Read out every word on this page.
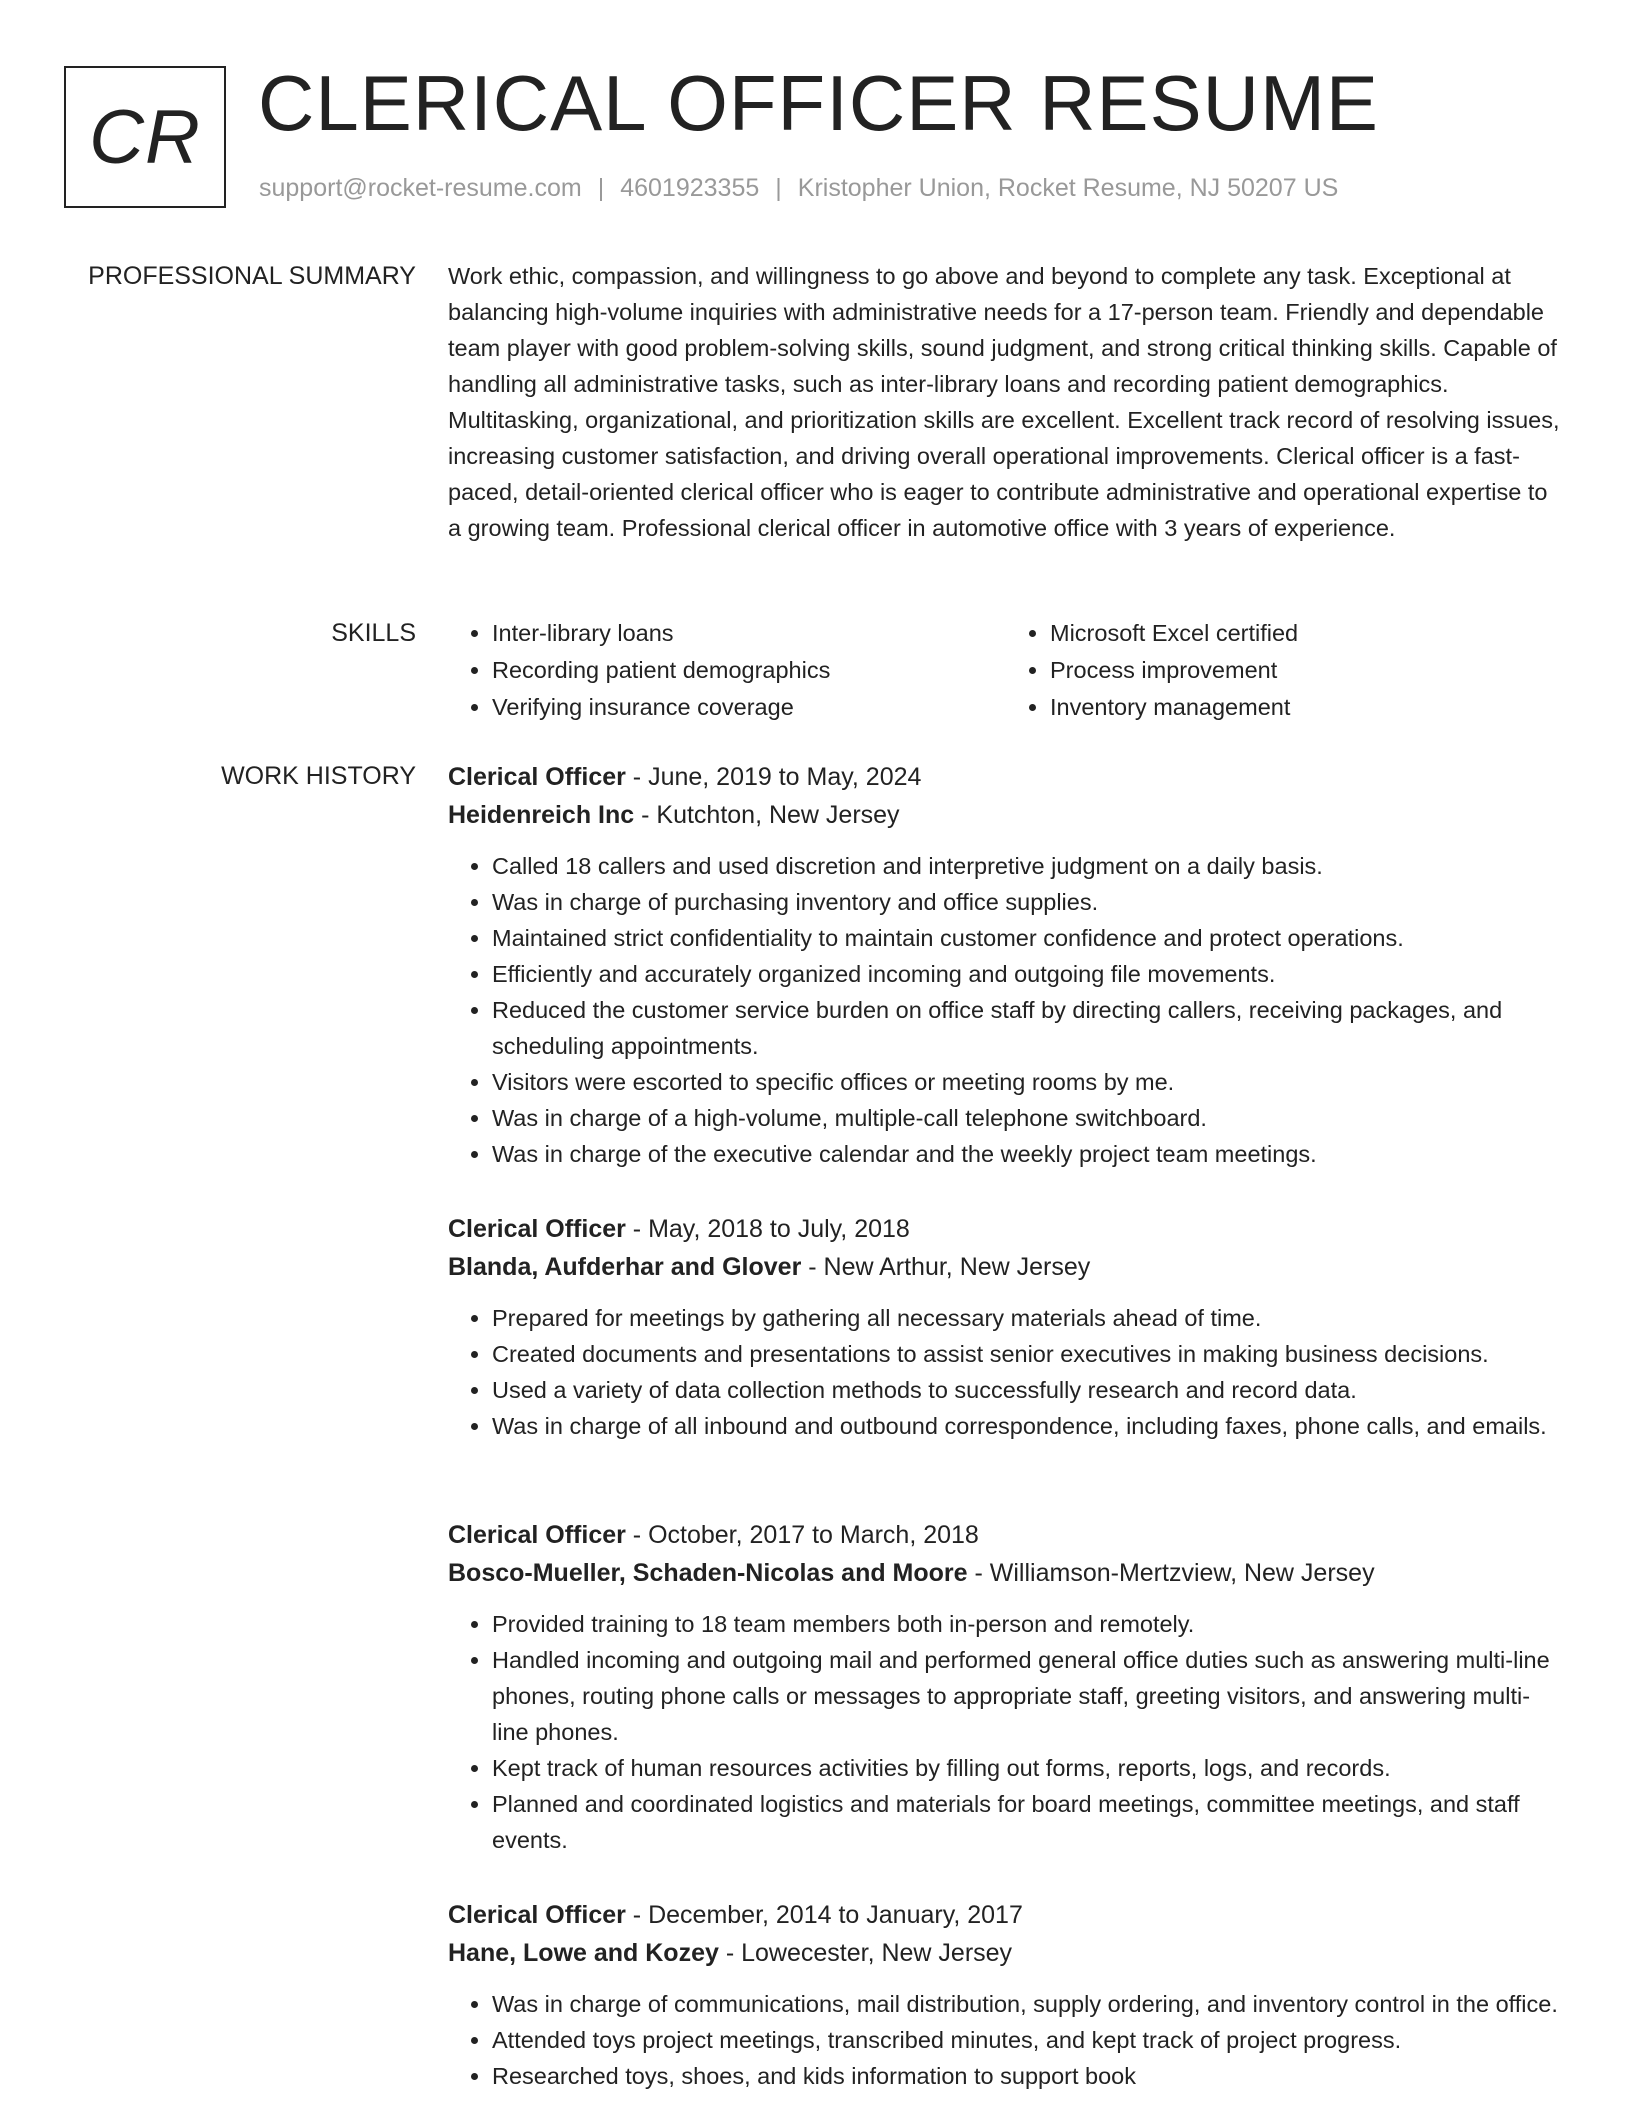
CR CLERICAL OFFICER RESUME
support@rocket-resume.com | 4601923355 | Kristopher Union, Rocket Resume, NJ 50207 US
PROFESSIONAL SUMMARY Work ethic, compassion, and willingness to go above and beyond to complete any task. Exceptional at balancing high-volume inquiries with administrative needs for a 17-person team. Friendly and dependable team player with good problem-solving skills, sound judgment, and strong critical thinking skills. Capable of handling all administrative tasks, such as inter-library loans and recording patient demographics. Multitasking, organizational, and prioritization skills are excellent. Excellent track record of resolving issues, increasing customer satisfaction, and driving overall operational improvements. Clerical officer is a fast-paced, detail-oriented clerical officer who is eager to contribute administrative and operational expertise to a growing team. Professional clerical officer in automotive office with 3 years of experience.

SKILLS
•	Inter-library loans
• Recording patient demographics
• Verifying insurance coverage
• Microsoft Excel certified
• Process improvement
• Inventory management
WORK HISTORY Clerical Officer - June, 2019 to May, 2024
Heidenreich Inc - Kutchton, New Jersey
• Called 18 callers and used discretion and interpretive judgment on a daily basis.
• Was in charge of purchasing inventory and office supplies.
• Maintained strict confidentiality to maintain customer confidence and protect operations.
• Efficiently and accurately organized incoming and outgoing file movements.
• Reduced the customer service burden on office staff by directing callers, receiving packages, and scheduling appointments.
• Visitors were escorted to specific offices or meeting rooms by me.
• Was in charge of a high-volume, multiple-call telephone switchboard.
• Was in charge of the executive calendar and the weekly project team meetings.
Clerical Officer - May, 2018 to July, 2018
Blanda, Aufderhar and Glover - New Arthur, New Jersey
• Prepared for meetings by gathering all necessary materials ahead of time.
• Created documents and presentations to assist senior executives in making business decisions.
• Used a variety of data collection methods to successfully research and record data.
• Was in charge of all inbound and outbound correspondence, including faxes, phone calls, and emails.
Clerical Officer - October, 2017 to March, 2018
Bosco-Mueller, Schaden-Nicolas and Moore - Williamson-Mertzview, New Jersey
• Provided training to 18 team members both in-person and remotely.
• Handled incoming and outgoing mail and performed general office duties such as answering multi-line phones, routing phone calls or messages to appropriate staff, greeting visitors, and answering multi-line phones.
• Kept track of human resources activities by filling out forms, reports, logs, and records.
• Planned and coordinated logistics and materials for board meetings, committee meetings, and staff events.
Clerical Officer - December, 2014 to January, 2017
Hane, Lowe and Kozey - Lowecester, New Jersey
• Was in charge of communications, mail distribution, supply ordering, and inventory control in the office.
• Attended toys project meetings, transcribed minutes, and kept track of project progress.
• Researched toys, shoes, and kids information to support book
